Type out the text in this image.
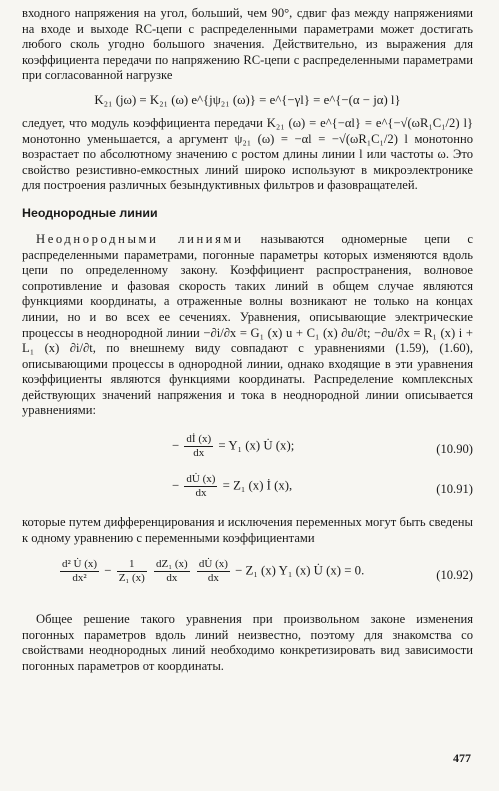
входного напряжения на угол, больший, чем 90°, сдвиг фаз между напряжениями на входе и выходе RC-цепи с распределенными параметрами может достигать любого сколь угодно большого значения. Действительно, из выражения для коэффициента передачи по напряжению RC-цепи с распределенными параметрами при согласованной нагрузке

K₂₁ (jω) = K₂₁ (ω) e^{jψ₂₁ (ω)} = e^{−γl} = e^{−(α − jα) l}

следует, что модуль коэффициента передачи K₂₁ (ω) = e^{−αl} = e^{−√(ωR₁C₁/2) l} монотонно уменьшается, а аргумент ψ₂₁ (ω) = −αl = −√(ωR₁C₁/2) l монотонно возрастает по абсолютному значению с ростом длины линии l или частоты ω. Это свойство резистивно-емкостных линий широко используют в микроэлектронике для построения различных безындуктивных фильтров и фазовращателей.

Неоднородные линии

Неоднородными линиями называются одномерные цепи с распределенными параметрами, погонные параметры которых изменяются вдоль цепи по определенному закону. Коэффициент распространения, волновое сопротивление и фазовая скорость таких линий в общем случае являются функциями координаты, а отраженные волны возникают не только на концах линии, но и во всех ее сечениях. Уравнения, описывающие электрические процессы в неоднородной линии −∂i/∂x = G₁ (x) u + C₁ (x) ∂u/∂t; −∂u/∂x = R₁ (x) i + L₁ (x) ∂i/∂t, по внешнему виду совпадают с уравнениями (1.59), (1.60), описывающими процессы в однородной линии, однако входящие в эти уравнения коэффициенты являются функциями координаты. Распределение комплексных действующих значений напряжения и тока в неоднородной линии описывается уравнениями:

− $\frac{dİ (x)}{dx} = Y_1$ (x) U̇ (x);	(10.90)
− $\frac{dU̇ (x)}{dx} = Z_1$ (x) İ (x),	(10.91)

которые путем дифференцирования и исключения переменных могут быть сведены к одному уравнению с переменными коэффициентами

$\frac{\text{d² U̇ (x)}}{\text{dx²}} - \frac{1}{\text{Z₁ (x)}}$
$\frac{\text{dZ₁ (x)}}{dx}$
$\frac{dU̇ (x)}{dx} - Z_1$ (x) Y₁ (x) U̇ (x) = 0.	(10.92)

Общее решение такого уравнения при произвольном законе изменения погонных параметров вдоль линий неизвестно, поэтому для знакомства со свойствами неоднородных линий необходимо конкретизировать вид зависимости погонных параметров от координаты.

477
